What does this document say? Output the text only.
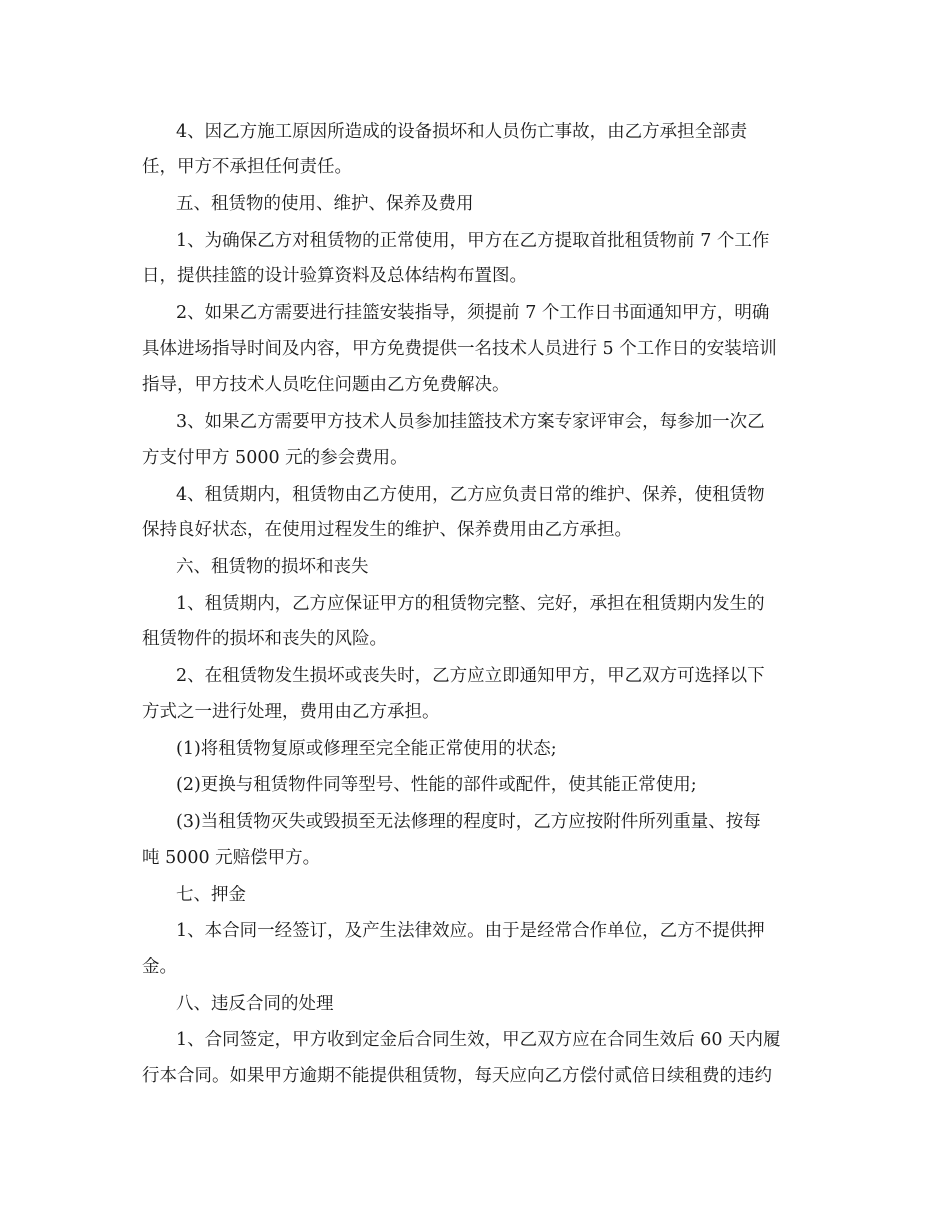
4、因乙方施工原因所造成的设备损坏和人员伤亡事故，由乙方承担全部责
任，甲方不承担任何责任。
五、租赁物的使用、维护、保养及费用
1、为确保乙方对租赁物的正常使用，甲方在乙方提取首批租赁物前 7 个工作
日，提供挂篮的设计验算资料及总体结构布置图。
2、如果乙方需要进行挂篮安装指导，须提前 7 个工作日书面通知甲方，明确
具体进场指导时间及内容，甲方免费提供一名技术人员进行 5 个工作日的安装培训
指导，甲方技术人员吃住问题由乙方免费解决。
3、如果乙方需要甲方技术人员参加挂篮技术方案专家评审会，每参加一次乙
方支付甲方 5000 元的参会费用。
4、租赁期内，租赁物由乙方使用，乙方应负责日常的维护、保养，使租赁物
保持良好状态，在使用过程发生的维护、保养费用由乙方承担。
六、租赁物的损坏和丧失
1、租赁期内，乙方应保证甲方的租赁物完整、完好，承担在租赁期内发生的
租赁物件的损坏和丧失的风险。
2、在租赁物发生损坏或丧失时，乙方应立即通知甲方，甲乙双方可选择以下
方式之一进行处理，费用由乙方承担。
(1)将租赁物复原或修理至完全能正常使用的状态;
(2)更换与租赁物件同等型号、性能的部件或配件，使其能正常使用;
(3)当租赁物灭失或毁损至无法修理的程度时，乙方应按附件所列重量、按每
吨 5000 元赔偿甲方。
七、押金
1、本合同一经签订，及产生法律效应。由于是经常合作单位，乙方不提供押
金。
八、违反合同的处理
1、合同签定，甲方收到定金后合同生效，甲乙双方应在合同生效后 60 天内履
行本合同。如果甲方逾期不能提供租赁物，每天应向乙方偿付贰倍日续租费的违约
